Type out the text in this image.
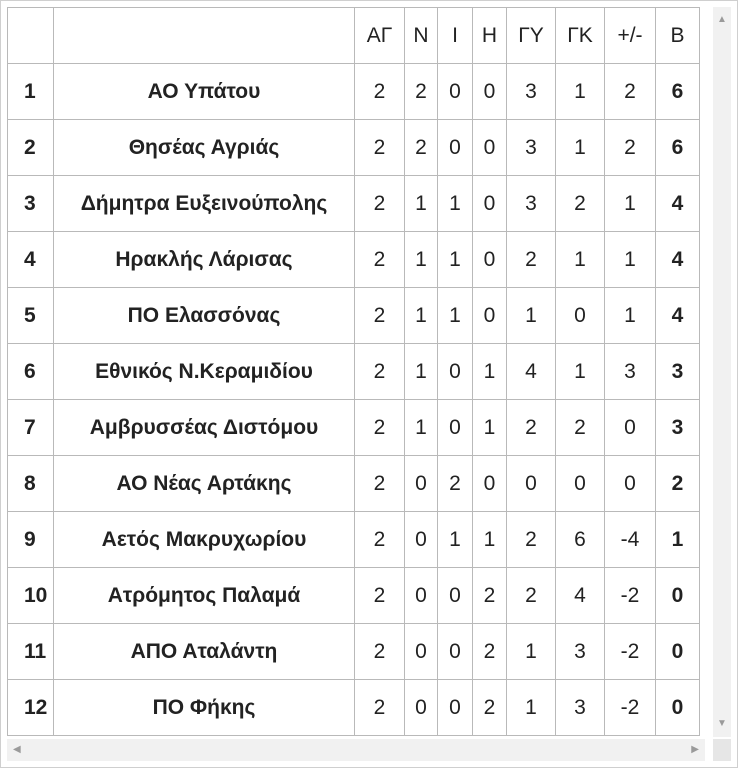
		ΑΓ	Ν	Ι	Η	ΓΥ	ΓΚ	+/-	Β
1	ΑΟ Υπάτου	2	2	0	0	3	1	2	6
2	Θησέας Αγριάς	2	2	0	0	3	1	2	6
3	Δήμητρα Ευξεινούπολης	2	1	1	0	3	2	1	4
4	Ηρακλής Λάρισας	2	1	1	0	2	1	1	4
5	ΠΟ Ελασσόνας	2	1	1	0	1	0	1	4
6	Εθνικός Ν.Κεραμιδίου	2	1	0	1	4	1	3	3
7	Αμβρυσσέας Διστόμου	2	1	0	1	2	2	0	3
8	ΑΟ Νέας Αρτάκης	2	0	2	0	0	0	0	2
9	Αετός Μακρυχωρίου	2	0	1	1	2	6	-4	1
10	Ατρόμητος Παλαμά	2	0	0	2	2	4	-2	0
11	ΑΠΟ Αταλάντη	2	0	0	2	1	3	-2	0
12	ΠΟ Φήκης	2	0	0	2	1	3	-2	0
▲
▼
◀	▶
